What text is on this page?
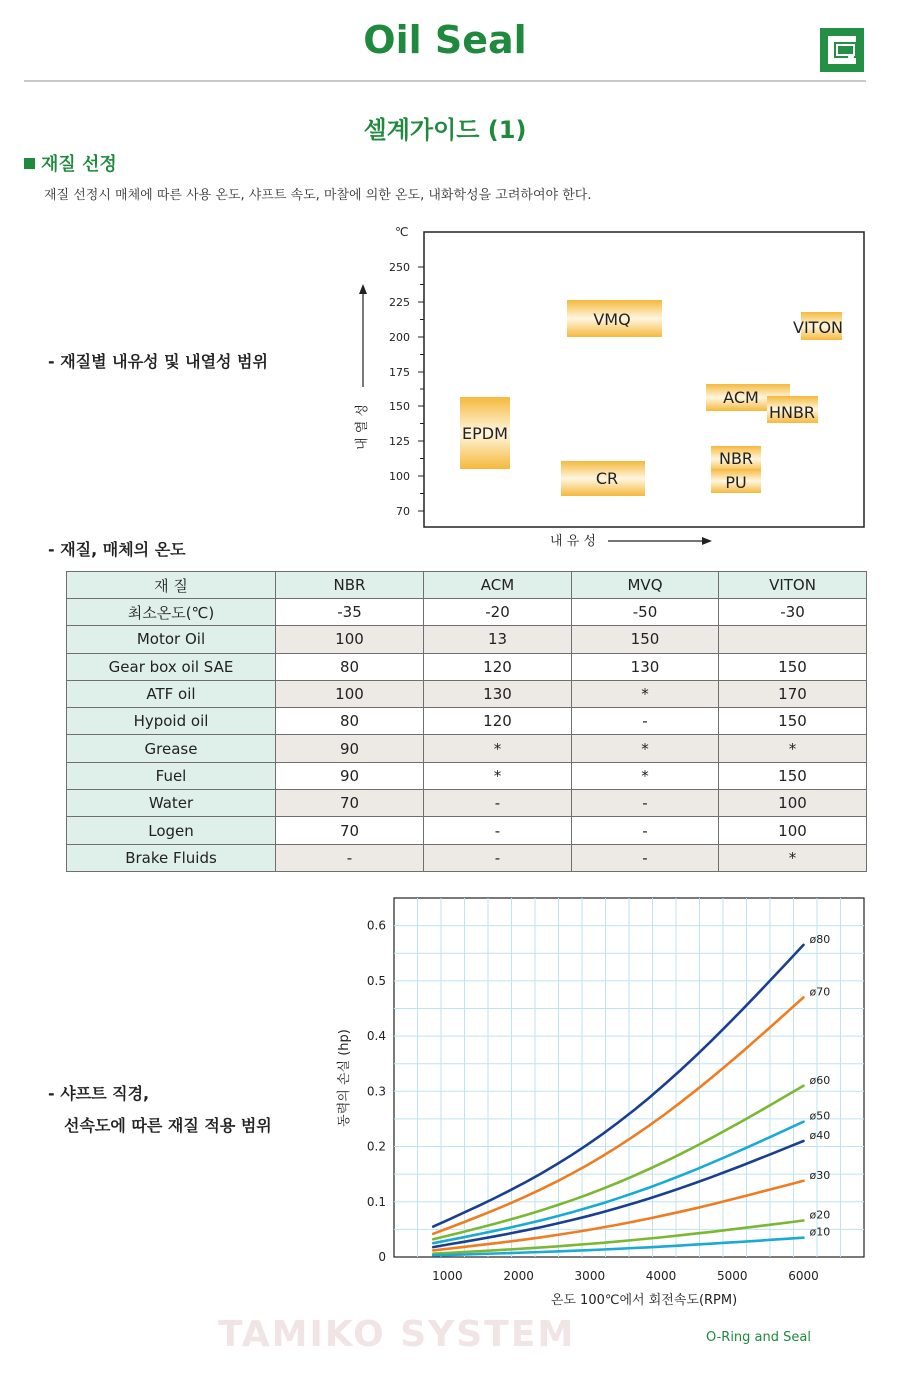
Oil Seal
셀계가이드 (1)
재질 선정
재질 선정시 매체에 따른 사용 온도, 샤프트 속도, 마찰에 의한 온도, 내화학성을 고려하여야 한다.
- 재질별 내유성 및 내열성 범위
℃
70
100
125
150
175
200
225
250
VMQ	VITON
ACM
HNBR
EPDM
NBR
PU
CR
내 열 성
내 유 성
- 재질, 매체의 온도
재 질	NBR	ACM	MVQ	VITON
최소온도(℃)	-35	-20	-50	-30
Motor Oil	100	13	150	
Gear box oil SAE	80	120	130	150
ATF oil	100	130	*	170
Hypoid oil	80	120	-	150
Grease	90	*	*	*
Fuel	90	*	*	150
Water	70	-	-	100
Logen	70	-	-	100
Brake Fluids	-	-	-	*
- 샤프트 직경,
선속도에 따른 재질 적용 범위
1000	2000	3000	4000	5000	6000
0
0.1
0.2
0.3
0.4
0.5
0.6
ø80
ø70
ø60
ø50
ø40
ø30
ø20
ø10
동력의 손실 (hp)
온도 100℃에서 회전속도(RPM)
TAMIKO SYSTEM	O-Ring and Seal
